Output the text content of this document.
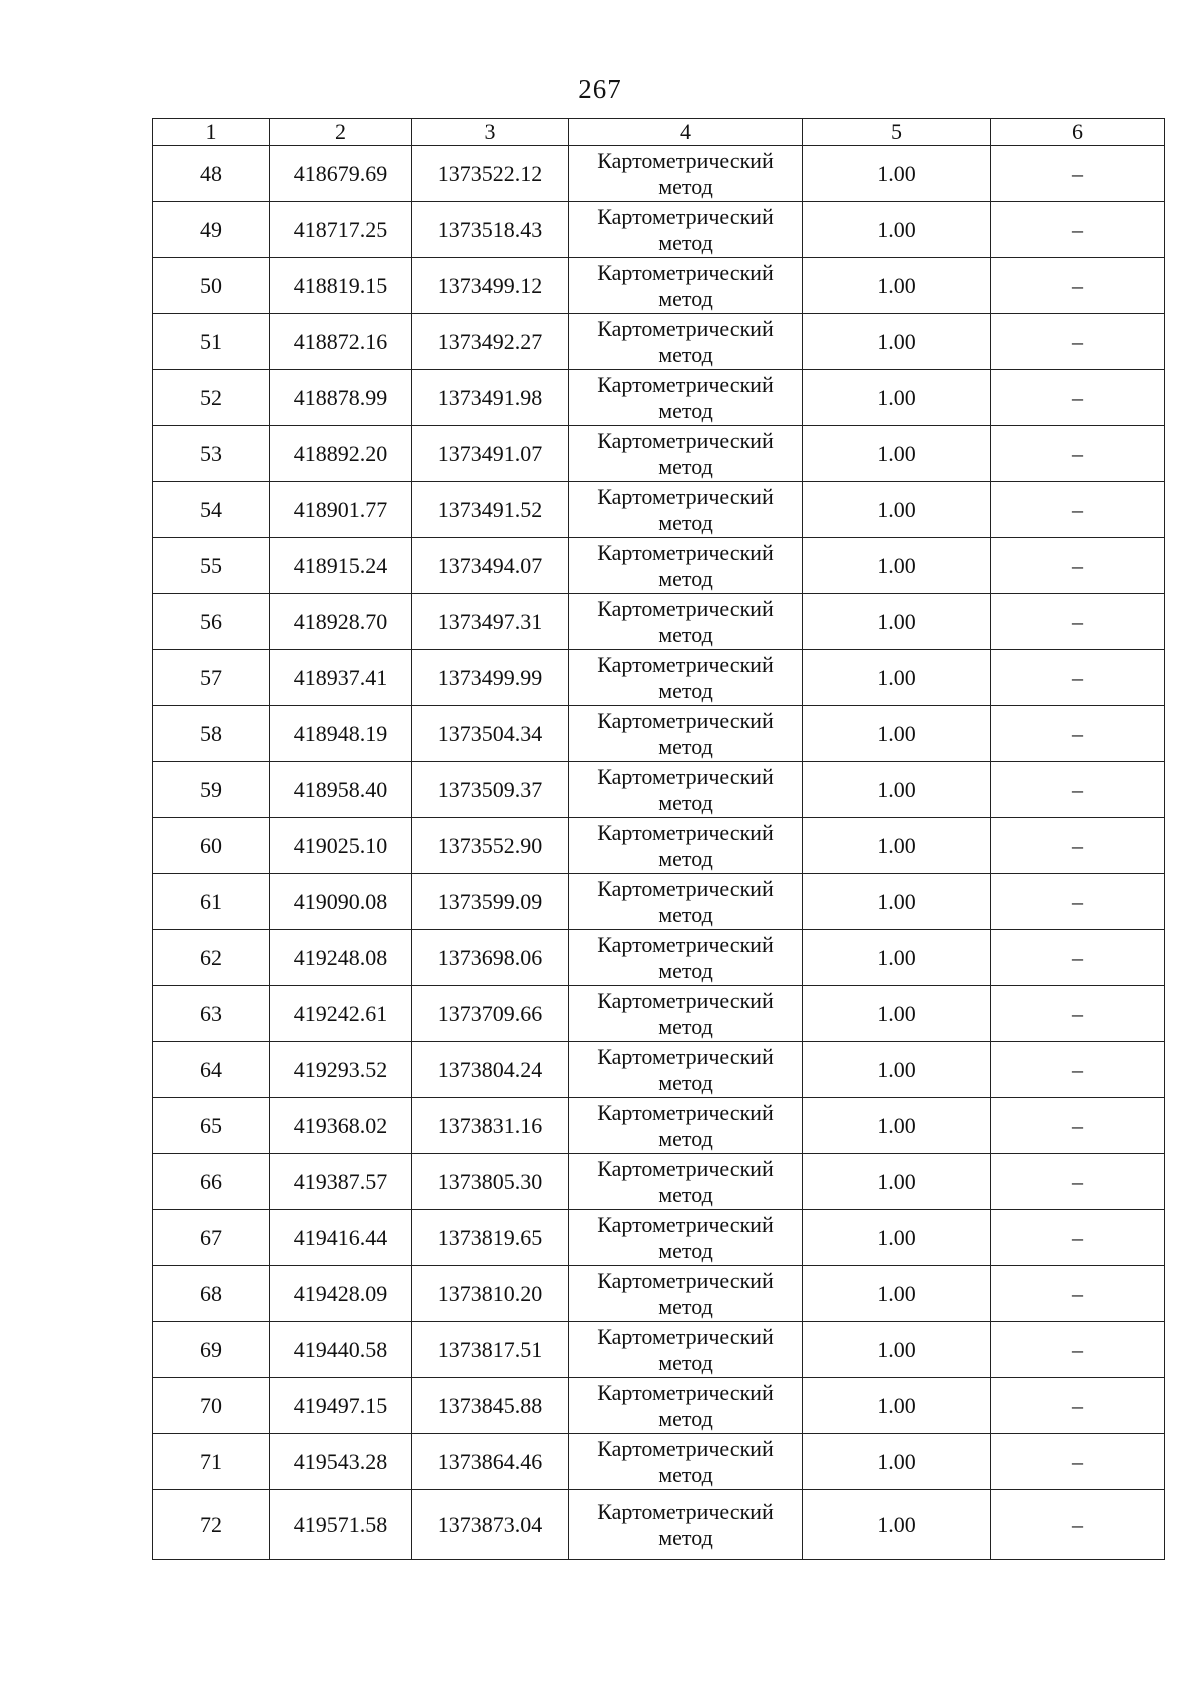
267
1	2	3	4	5	6
48	418679.69	1373522.12	Картометрический метод	1.00	–
49	418717.25	1373518.43	Картометрический метод	1.00	–
50	418819.15	1373499.12	Картометрический метод	1.00	–
51	418872.16	1373492.27	Картометрический метод	1.00	–
52	418878.99	1373491.98	Картометрический метод	1.00	–
53	418892.20	1373491.07	Картометрический метод	1.00	–
54	418901.77	1373491.52	Картометрический метод	1.00	–
55	418915.24	1373494.07	Картометрический метод	1.00	–
56	418928.70	1373497.31	Картометрический метод	1.00	–
57	418937.41	1373499.99	Картометрический метод	1.00	–
58	418948.19	1373504.34	Картометрический метод	1.00	–
59	418958.40	1373509.37	Картометрический метод	1.00	–
60	419025.10	1373552.90	Картометрический метод	1.00	–
61	419090.08	1373599.09	Картометрический метод	1.00	–
62	419248.08	1373698.06	Картометрический метод	1.00	–
63	419242.61	1373709.66	Картометрический метод	1.00	–
64	419293.52	1373804.24	Картометрический метод	1.00	–
65	419368.02	1373831.16	Картометрический метод	1.00	–
66	419387.57	1373805.30	Картометрический метод	1.00	–
67	419416.44	1373819.65	Картометрический метод	1.00	–
68	419428.09	1373810.20	Картометрический метод	1.00	–
69	419440.58	1373817.51	Картометрический метод	1.00	–
70	419497.15	1373845.88	Картометрический метод	1.00	–
71	419543.28	1373864.46	Картометрический метод	1.00	–
72	419571.58	1373873.04	Картометрический метод	1.00	–
